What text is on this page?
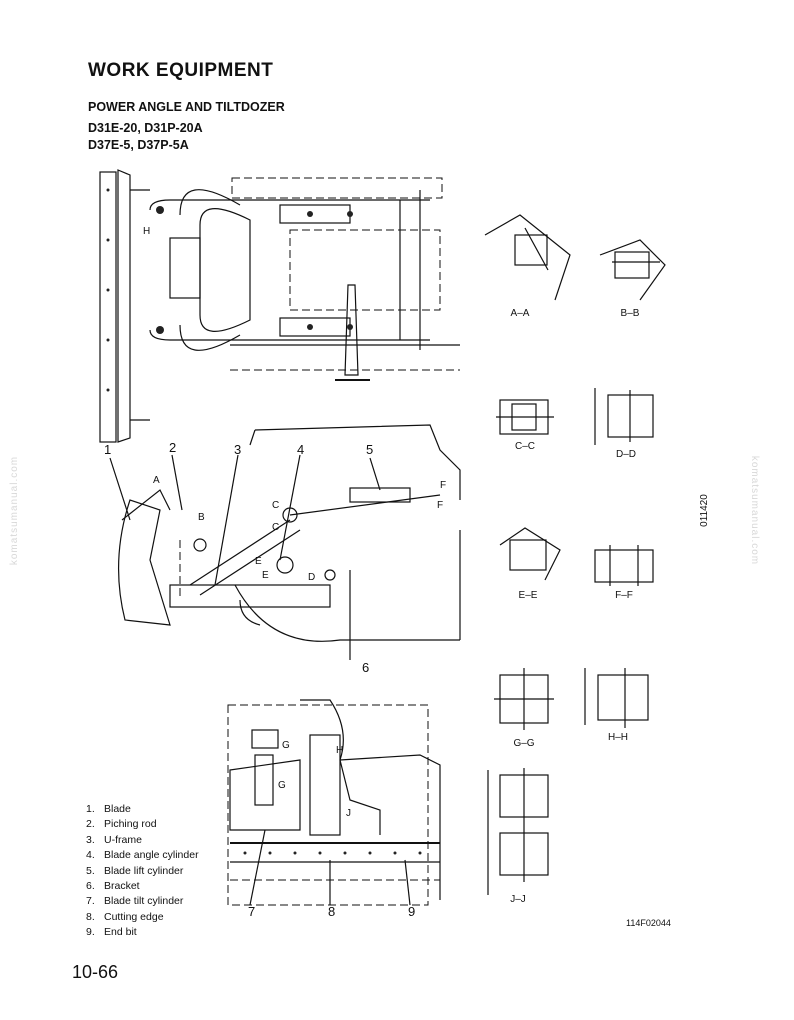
WORK EQUIPMENT
POWER ANGLE AND TILTDOZER
D31E-20, D31P-20A
D37E-5, D37P-5A
komatsumanual.com	komatsumanual.com
A–A	B–B
C–C
D–D
E–E	F–F
G–G
H–H
J–J
1	2	3	4	5
6
7	8	9
A
B
C
C
D
E
E
F
F
G
G
H
H
J
1. Blade
2. Piching rod
3. U-frame
4. Blade angle cylinder
5. Blade lift cylinder
6. Bracket
7. Blade tilt cylinder
8. Cutting edge
9. End bit
114F02044
011420
10-66
